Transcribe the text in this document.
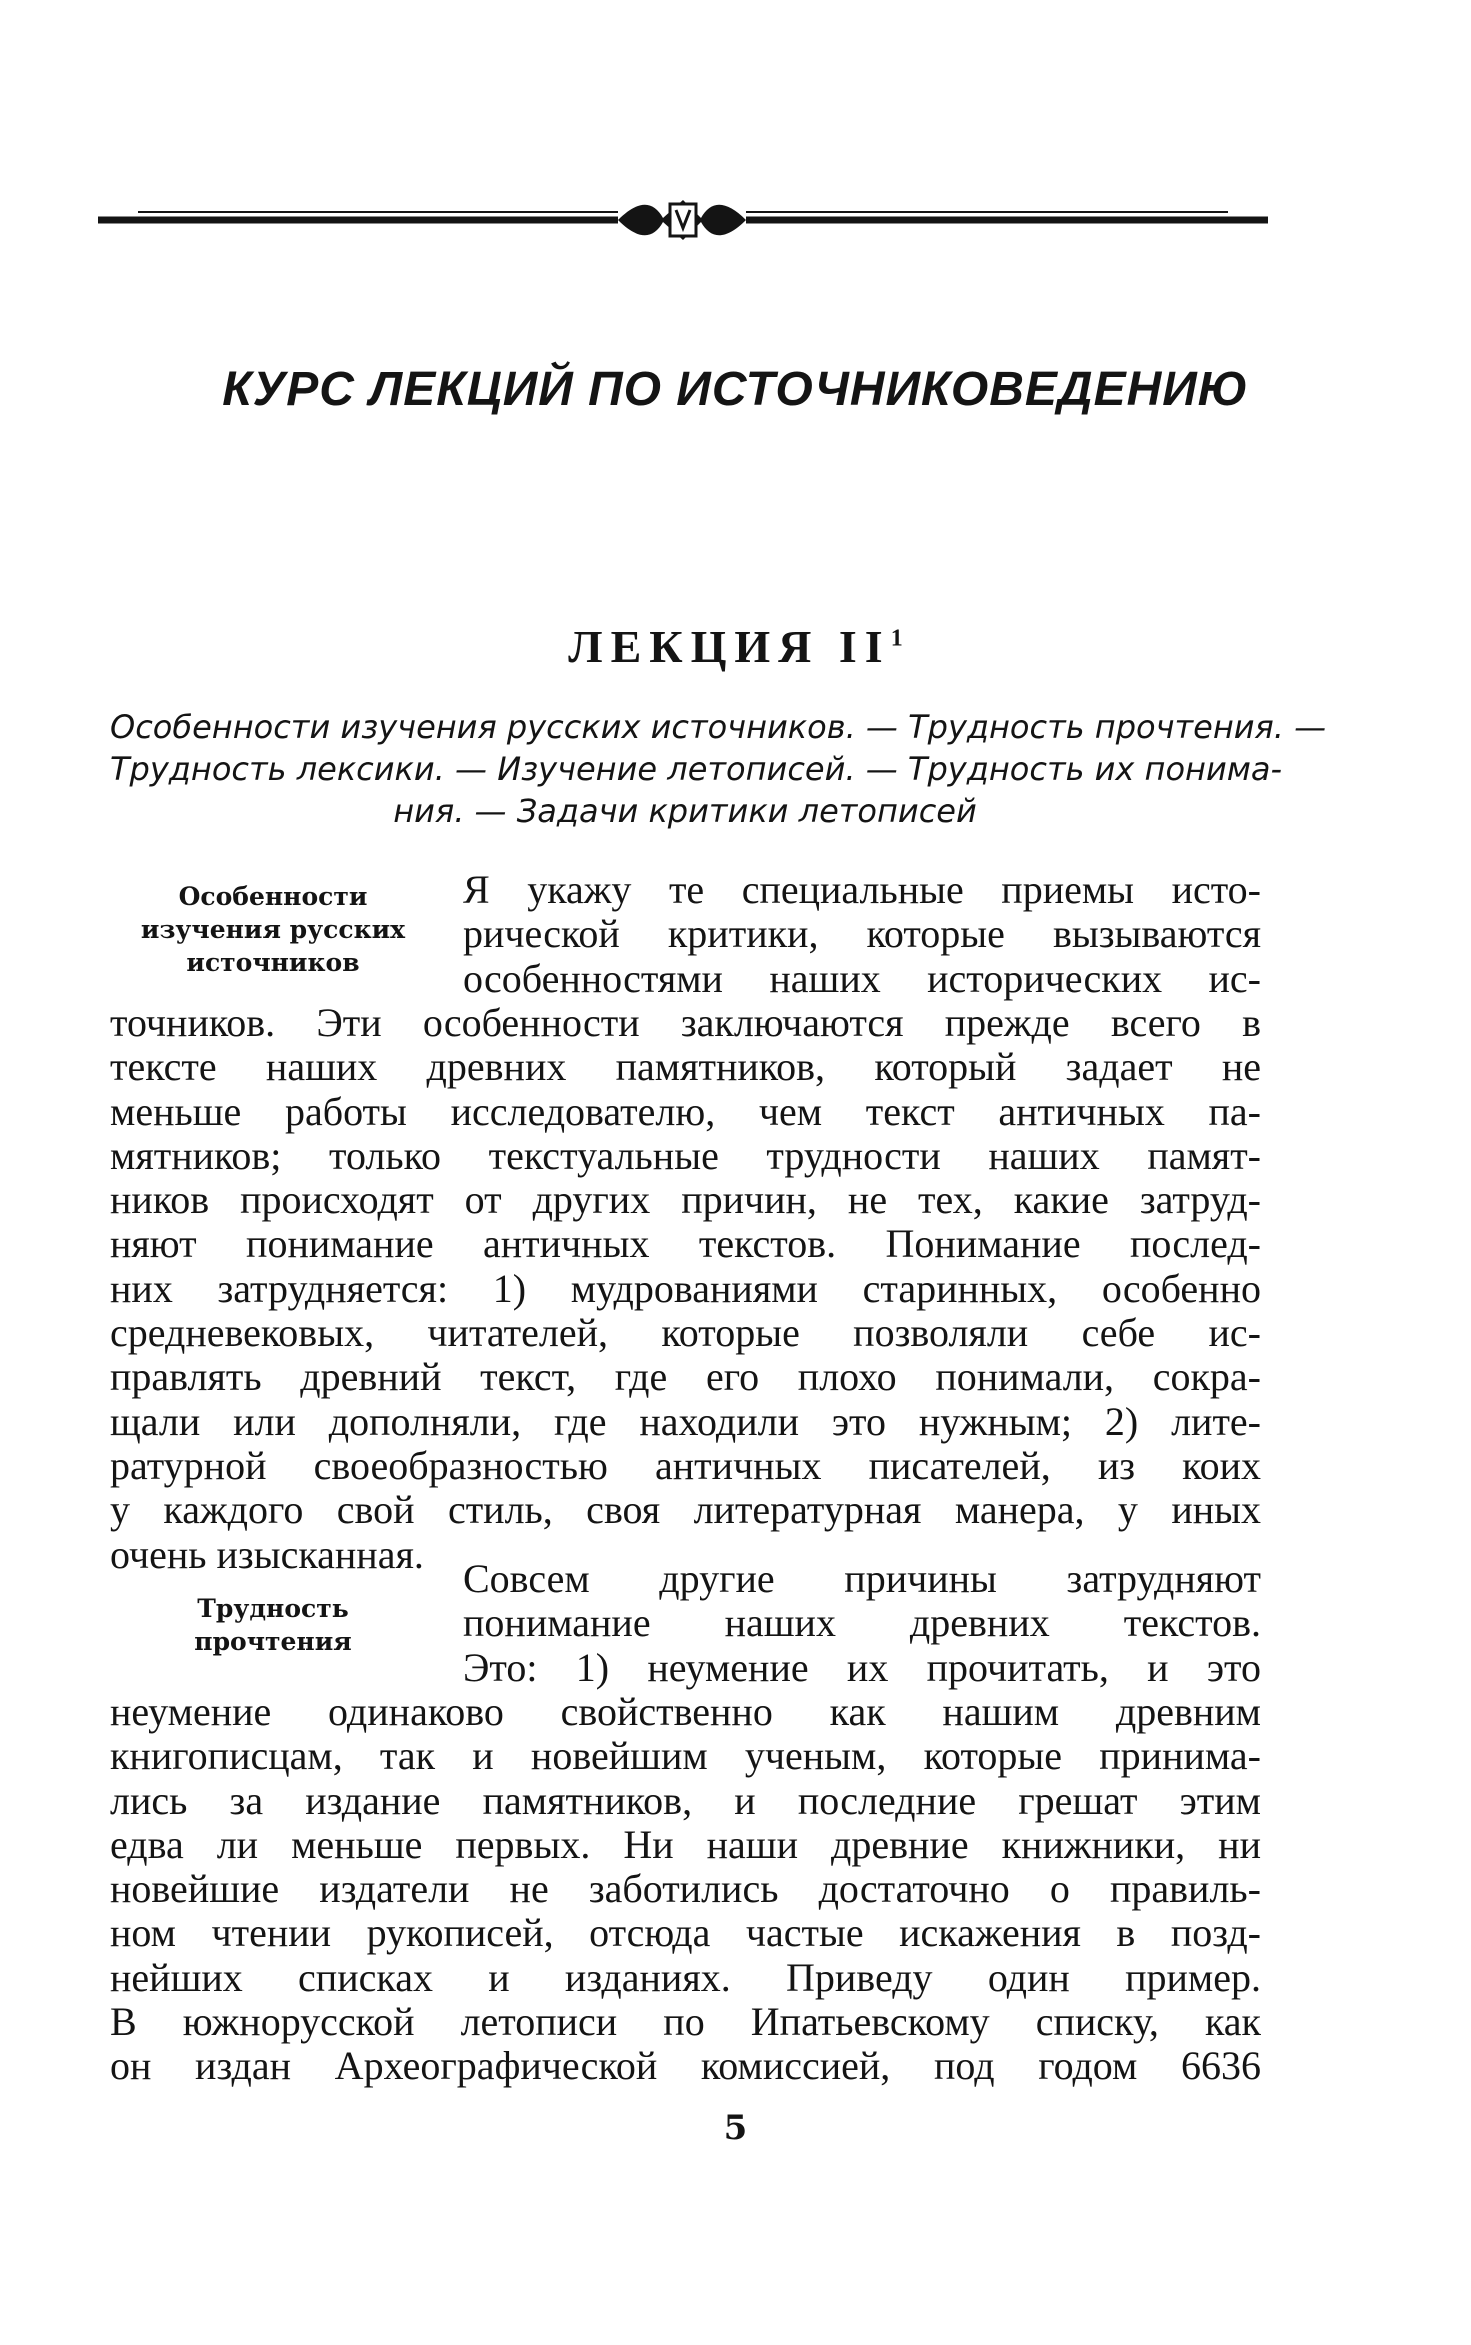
КУРС ЛЕКЦИЙ ПО ИСТОЧНИКОВЕДЕНИЮ
ЛЕКЦИЯ $II^1$
Особенности изучения русских источников. — Трудность прочтения. —
Трудность лексики. — Изучение летописей. — Трудность их понима-
ния. — Задачи критики летописей
Особенности
изучения русских
источников
Я укажу те специальные приемы исто-
рической критики, которые вызываются
особенностями наших исторических ис-
точников. Эти особенности заключаются прежде всего в
тексте наших древних памятников, который задает не
меньше работы исследователю, чем текст античных па-
мятников; только текстуальные трудности наших памят-
ников происходят от других причин, не тех, какие затруд-
няют понимание античных текстов. Понимание послед-
них затрудняется: 1) мудрованиями старинных, особенно
средневековых, читателей, которые позволяли себе ис-
правлять древний текст, где его плохо понимали, сокра-
щали или дополняли, где находили это нужным; 2) лите-
ратурной своеобразностью античных писателей, из коих
у каждого свой стиль, своя литературная манера, у иных
очень изысканная.
Трудность
прочтения
Совсем другие причины затрудняют
понимание наших древних текстов.
Это: 1) неумение их прочитать, и это
неумение одинаково свойственно как нашим древним
книгописцам, так и новейшим ученым, которые принима-
лись за издание памятников, и последние грешат этим
едва ли меньше первых. Ни наши древние книжники, ни
новейшие издатели не заботились достаточно о правиль-
ном чтении рукописей, отсюда частые искажения в позд-
нейших списках и изданиях. Приведу один пример.
В южнорусской летописи по Ипатьевскому списку, как
он издан Археографической комиссией, под годом 6636
5
